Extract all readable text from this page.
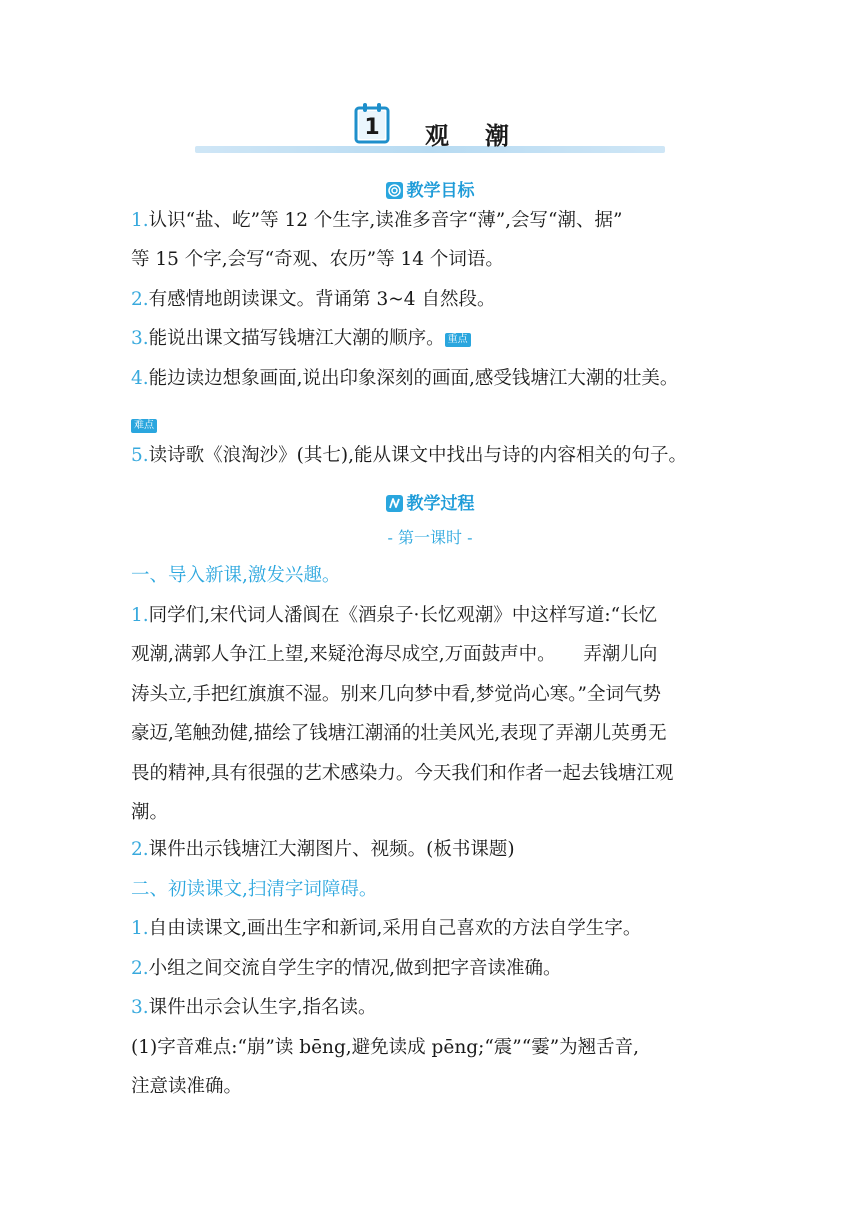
1 观潮
教学目标
1.认识“盐、屹”等 12 个生字,读准多音字“薄”,会写“潮、据”
等 15 个字,会写“奇观、农历”等 14 个词语。
2.有感情地朗读课文。背诵第 3~4 自然段。
3.能说出课文描写钱塘江大潮的顺序。 重点
4.能边读边想象画面,说出印象深刻的画面,感受钱塘江大潮的壮美。
难点
5.读诗歌《浪淘沙》(其七),能从课文中找出与诗的内容相关的句子。
教学过程
- 第一课时 -
一、导入新课,激发兴趣。
1.同学们,宋代词人潘阆在《酒泉子·长忆观潮》中这样写道:“长忆
观潮,满郭人争江上望,来疑沧海尽成空,万面鼓声中。　　弄潮儿向
涛头立,手把红旗旗不湿。别来几向梦中看,梦觉尚心寒。”全词气势
豪迈,笔触劲健,描绘了钱塘江潮涌的壮美风光,表现了弄潮儿英勇无
畏的精神,具有很强的艺术感染力。今天我们和作者一起去钱塘江观
潮。
2.课件出示钱塘江大潮图片、视频。(板书课题)
二、初读课文,扫清字词障碍。
1.自由读课文,画出生字和新词,采用自己喜欢的方法自学生字。
2.小组之间交流自学生字的情况,做到把字音读准确。
3.课件出示会认生字,指名读。
(1)字音难点:“崩”读 bēng,避免读成 pēng;“震”“霎”为翘舌音,
注意读准确。
